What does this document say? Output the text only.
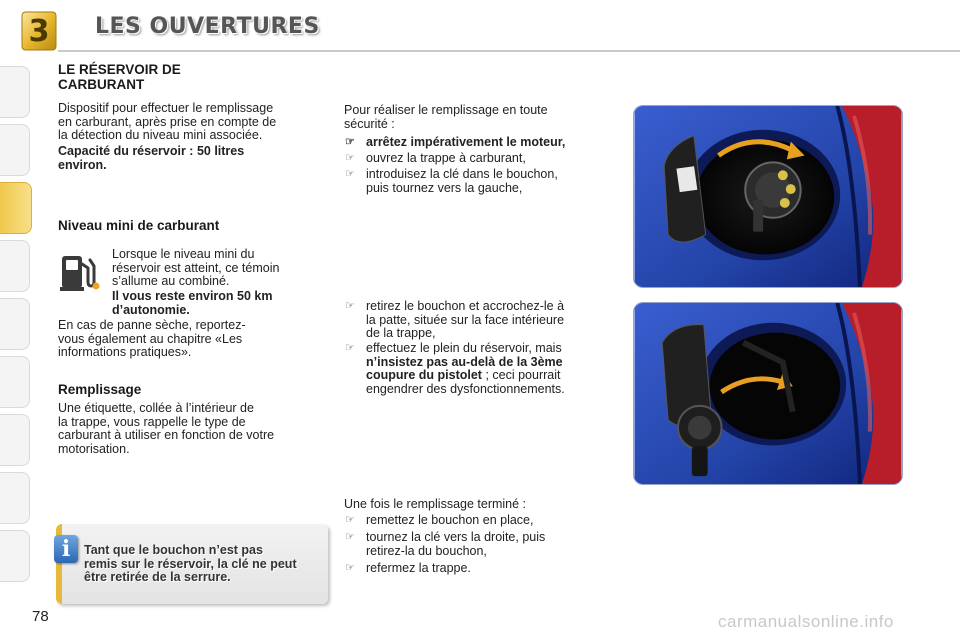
3	LES OUVERTURES
LE RÉSERVOIR DE
CARBURANT
Dispositif pour effectuer le remplissage
en carburant, après prise en compte de
la détection du niveau mini associée.
Capacité du réservoir : 50 litres
environ.
Niveau mini de carburant
Lorsque le niveau mini du
réservoir est atteint, ce témoin
s’allume au combiné.
Il vous reste environ 50 km
d’autonomie.
En cas de panne sèche, reportez-
vous également au chapitre «Les
informations pratiques».
Remplissage
Une étiquette, collée à l’intérieur de
la trappe, vous rappelle le type de
carburant à utiliser en fonction de votre
motorisation.
i	Tant que le bouchon n’est pas
remis sur le réservoir, la clé ne peut
être retirée de la serrure.
Pour réaliser le remplissage en toute
sécurité :
☞ arrêtez impérativement le moteur,
☞ ouvrez la trappe à carburant,
☞ introduisez la clé dans le bouchon,
puis tournez vers la gauche,
☞ retirez le bouchon et accrochez-le à
la patte, située sur la face intérieure
de la trappe,
☞ effectuez le plein du réservoir, mais
n’insistez pas au-delà de la 3ème
coupure du pistolet ; ceci pourrait
engendrer des dysfonctionnements.
Une fois le remplissage terminé :
☞ remettez le bouchon en place,
☞ tournez la clé vers la droite, puis
retirez-la du bouchon,
☞ refermez la trappe.
78	carmanualsonline.info
